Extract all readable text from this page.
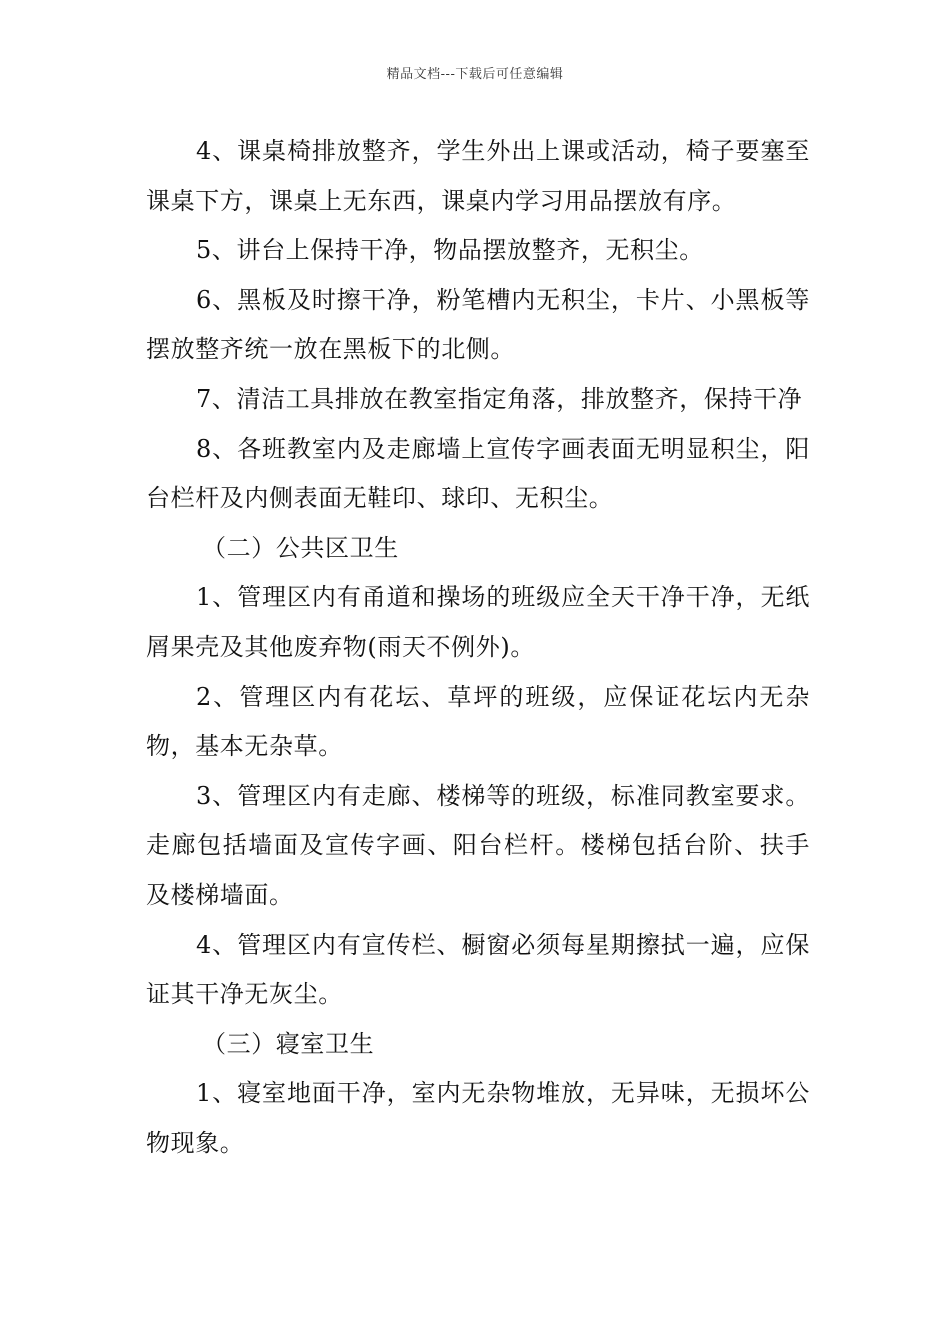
精品文档---下载后可任意编辑

4、课桌椅排放整齐，学生外出上课或活动，椅子要塞至课桌下方，课桌上无东西，课桌内学习用品摆放有序。

5、讲台上保持干净，物品摆放整齐，无积尘。

6、黑板及时擦干净，粉笔槽内无积尘，卡片、小黑板等摆放整齐统一放在黑板下的北侧。

7、清洁工具排放在教室指定角落，排放整齐，保持干净

8、各班教室内及走廊墙上宣传字画表面无明显积尘，阳台栏杆及内侧表面无鞋印、球印、无积尘。

（二）公共区卫生

1、管理区内有甬道和操场的班级应全天干净干净，无纸屑果壳及其他废弃物(雨天不例外)。

2、管理区内有花坛、草坪的班级，应保证花坛内无杂物，基本无杂草。

3、管理区内有走廊、楼梯等的班级，标准同教室要求。走廊包括墙面及宣传字画、阳台栏杆。楼梯包括台阶、扶手及楼梯墙面。

4、管理区内有宣传栏、橱窗必须每星期擦拭一遍，应保证其干净无灰尘。

（三）寝室卫生

1、寝室地面干净，室内无杂物堆放，无异味，无损坏公物现象。
